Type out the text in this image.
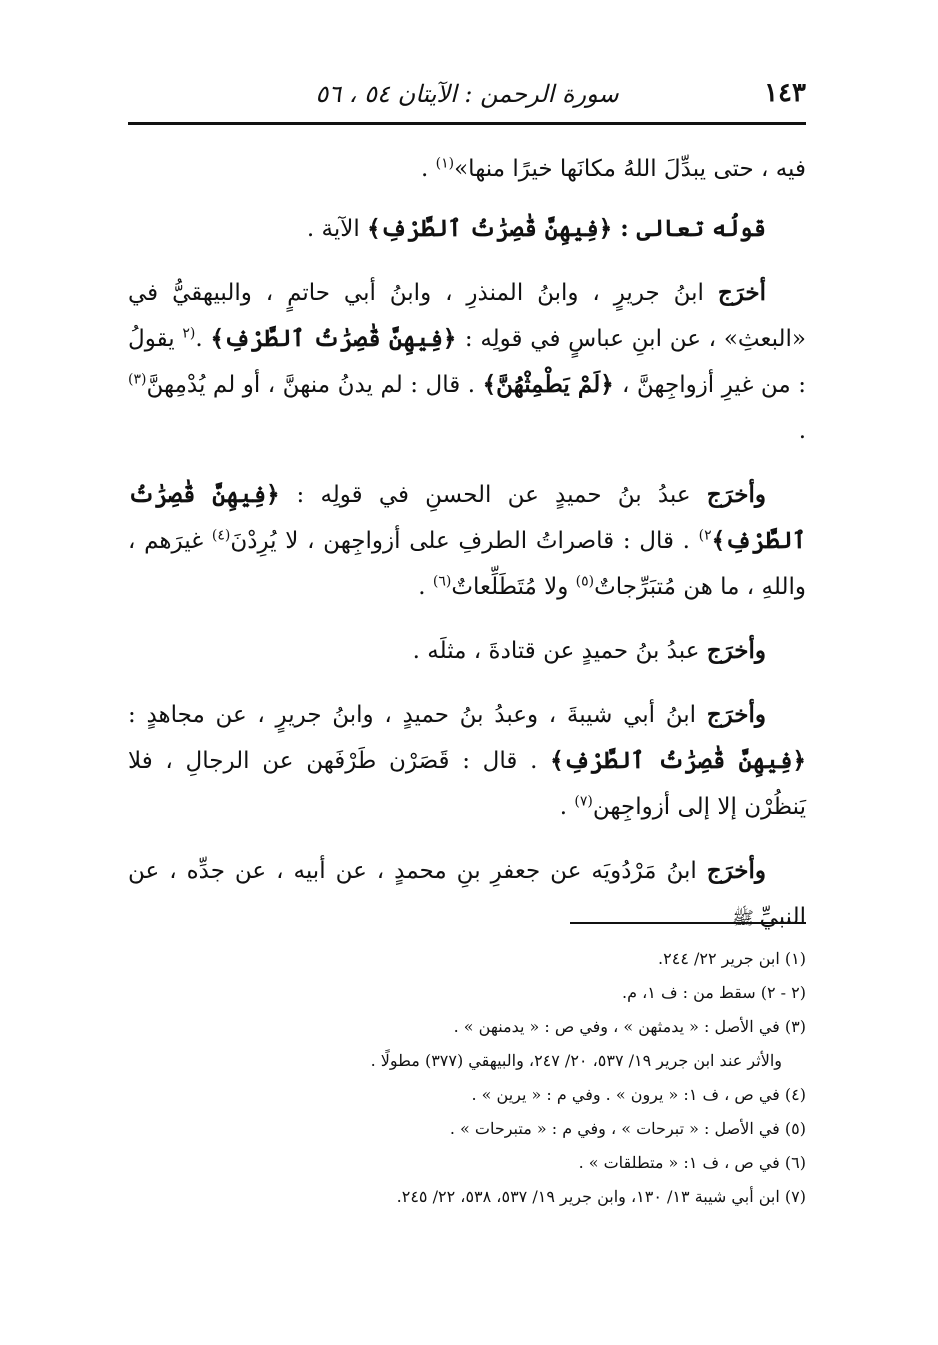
١٤٣
سورة الرحمن : الآيتان ٥٤ ، ٥٦

فيه ، حتى يبدِّلَ اللهُ مكانَها خيرًا منها»$^{(١)}$ .

قولُه تعالى : ﴿فِيهِنَّ قَٰصِرَٰتُ ٱلطَّرْفِ﴾ الآية .

أخرَج ابنُ جريرٍ ، وابنُ المنذرِ ، وابنُ أبي حاتمٍ ، والبيهقيُّ في «البعثِ» ، عن ابنِ عباسٍ في قولِه : ﴿فِيهِنَّ قَٰصِرَٰتُ ٱلطَّرْفِ﴾ .$^{(٢}$ يقولُ : من غيرِ أزواجِهنَّ ، ﴿لَمْ يَطْمِثْهُنَّ﴾ . قال : لم يدنُ منهنَّ ، أو لم يُدْمِهنَّ$^{(٣)}$ .

وأخرَج عبدُ بنُ حميدٍ عن الحسنِ في قولِه : ﴿فِيهِنَّ قَٰصِرَٰتُ ٱلطَّرْفِ﴾$^{٢)}$ . قال : قاصراتُ الطرفِ على أزواجِهن ، لا يُرِدْنَ$^{(٤)}$ غيرَهم ، واللهِ ، ما هن مُتبَرِّجاتٌ$^{(٥)}$ ولا مُتَطَلِّعاتٌ$^{(٦)}$ .

وأخرَج عبدُ بنُ حميدٍ عن قتادةَ ، مثلَه .

وأخرَج ابنُ أبي شيبةَ ، وعبدُ بنُ حميدٍ ، وابنُ جريرٍ ، عن مجاهدٍ : ﴿فِيهِنَّ قَٰصِرَٰتُ ٱلطَّرْفِ﴾ . قال : قَصَرْن طَرْفَهن عن الرجالِ ، فلا يَنظُرْن إلا إلى أزواجِهن$^{(٧)}$ .

وأخرَج ابنُ مَرْدُويَه عن جعفرِ بنِ محمدٍ ، عن أبيه ، عن جدِّه ، عن النبيِّ ﷺ

(١) ابن جرير ٢٢/ ٢٤٤.

(٢ - ٢) سقط من : ف ١، م.

(٣) في الأصل : « يدمثهن » ، وفي ص : « يدمنهن » .

والأثر عند ابن جرير ١٩/ ٥٣٧، ٢٠/ ٢٤٧، والبيهقي (٣٧٧) مطولًا .

(٤) في ص ، ف ١: « يرون » . وفي م : « يرين » .

(٥) في الأصل : « تبرحات » ، وفي م : « متبرحات » .

(٦) في ص ، ف ١: « متطلقات » .

(٧) ابن أبي شيبة ١٣/ ١٣٠، وابن جرير ١٩/ ٥٣٧، ٥٣٨، ٢٢/ ٢٤٥.
